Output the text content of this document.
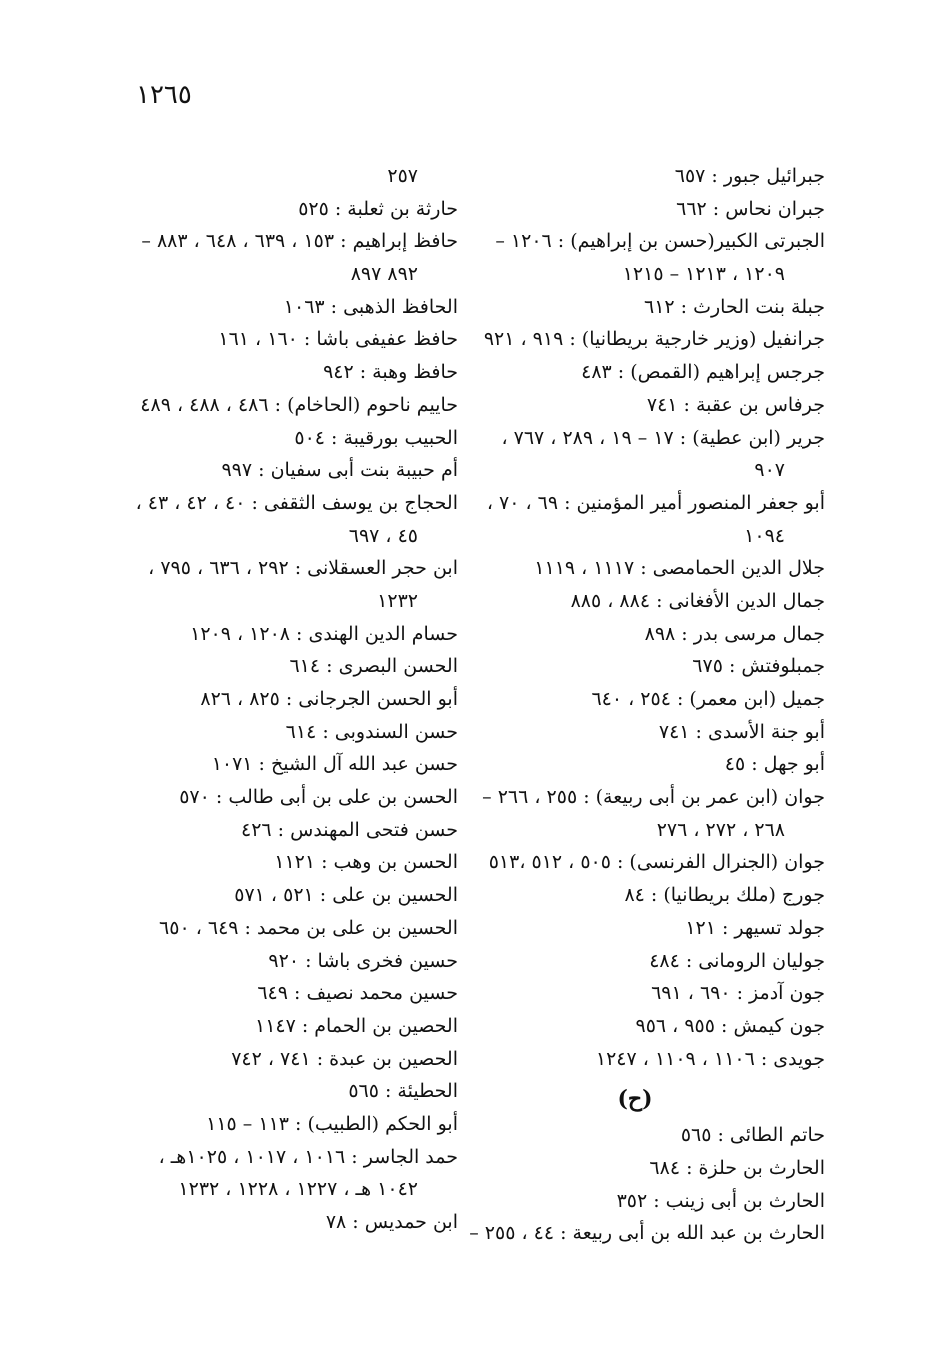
١٢٦٥
جبرائيل جبور : ٦٥٧
جبران نحاس : ٦٦٢
الجبرتى الكبير(حسن بن إبراهيم) : ١٢٠٦ –
١٢٠٩ ، ١٢١٣ – ١٢١٥
جبلة بنت الحارث : ٦١٢
جرانفيل (وزير خارجية بريطانيا) : ٩١٩ ، ٩٢١
جرجس إبراهيم (القمص) : ٤٨٣
جرفاس بن عقبة : ٧٤١
جرير (ابن عطية) : ١٧ – ١٩ ، ٢٨٩ ، ٧٦٧ ،
٩٠٧
أبو جعفر المنصور أمير المؤمنين : ٦٩ ، ٧٠ ،
١٠٩٤
جلال الدين الحمامصى : ١١١٧ ، ١١١٩
جمال الدين الأفغانى : ٨٨٤ ، ٨٨٥
جمال مرسى بدر : ٨٩٨
جمبلوفتش : ٦٧٥
جميل (ابن معمر) : ٢٥٤ ، ٦٤٠
أبو جنة الأسدى : ٧٤١
أبو جهل : ٤٥
جوان (ابن عمر بن أبى ربيعة) : ٢٥٥ ، ٢٦٦ –
٢٦٨ ، ٢٧٢ ، ٢٧٦
جوان (الجنرال الفرنسى) : ٥٠٥ ، ٥١٢ ،٥١٣
جورج (ملك بريطانيا) : ٨٤
جولد تسيهر : ١٢١
جوليان الرومانى : ٤٨٤
جون آدمز : ٦٩٠ ، ٦٩١
جون كيمش : ٩٥٥ ، ٩٥٦
جويدى : ١١٠٦ ، ١١٠٩ ، ١٢٤٧
(ح)
حاتم الطائى : ٥٦٥
الحارث بن حلزة : ٦٨٤
الحارث بن أبى زينب : ٣٥٢
الحارث بن عبد الله بن أبى ربيعة : ٤٤ ، ٢٥٥ –
٢٥٧
حارثة بن ثعلبة : ٥٢٥
حافظ إبراهيم : ١٥٣ ، ٦٣٩ ، ٦٤٨ ، ٨٨٣ –
٨٩٢ ٨٩٧
الحافظ الذهبى : ١٠٦٣
حافظ عفيفى باشا : ١٦٠ ، ١٦١
حافظ وهبة : ٩٤٢
حاييم ناحوم (الحاخام) : ٤٨٦ ، ٤٨٨ ، ٤٨٩
الحبيب بورقيبة : ٥٠٤
أم حبيبة بنت أبى سفيان : ٩٩٧
الحجاج بن يوسف الثقفى : ٤٠ ، ٤٢ ، ٤٣ ،
٤٥ ، ٦٩٧
ابن حجر العسقلانى : ٢٩٢ ، ٦٣٦ ، ٧٩٥ ،
١٢٣٢
حسام الدين الهندى : ١٢٠٨ ، ١٢٠٩
الحسن البصرى : ٦١٤
أبو الحسن الجرجانى : ٨٢٥ ، ٨٢٦
حسن السندوبى : ٦١٤
حسن عبد الله آل الشيخ : ١٠٧١
الحسن بن على بن أبى طالب : ٥٧٠
حسن فتحى المهندس : ٤٢٦
الحسن بن وهب : ١١٢١
الحسين بن على : ٥٢١ ، ٥٧١
الحسين بن على بن محمد : ٦٤٩ ، ٦٥٠
حسين فخرى باشا : ٩٢٠
حسين محمد نصيف : ٦٤٩
الحصين بن الحمام : ١١٤٧
الحصين بن عبدة : ٧٤١ ، ٧٤٢
الحطيئة : ٥٦٥
أبو الحكم (الطبيب) : ١١٣ – ١١٥
حمد الجاسر : ١٠١٦ ، ١٠١٧ ، ١٠٢٥هـ ،
١٠٤٢ هـ ، ١٢٢٧ ، ١٢٢٨ ، ١٢٣٢
ابن حمديس : ٧٨
